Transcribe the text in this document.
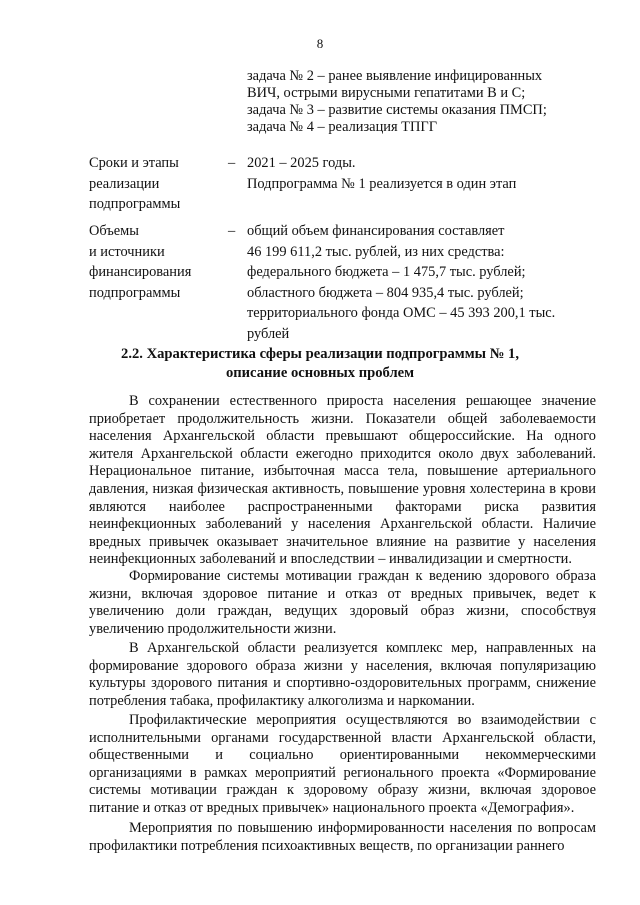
8
задача № 2 – ранее выявление инфицированных
ВИЧ, острыми вирусными гепатитами В и С;
задача № 3 – развитие системы оказания ПМСП;
задача № 4 – реализация ТПГГ
Сроки и этапы
реализации
подпрограммы
– 2021 – 2025 годы.
Подпрограмма № 1 реализуется в один этап
Объемы
и источники
финансирования
подпрограммы
– общий объем финансирования составляет
46 199 611,2 тыс. рублей, из них средства:
федерального бюджета – 1 475,7 тыс. рублей;
областного бюджета – 804 935,4 тыс. рублей;
территориального фонда ОМС – 45 393 200,1 тыс.
рублей
2.2. Характеристика сферы реализации подпрограммы № 1,
описание основных проблем
В сохранении естественного прироста населения решающее значение приобретает продолжительность жизни. Показатели общей заболеваемости населения Архангельской области превышают общероссийские. На одного жителя Архангельской области ежегодно приходится около двух заболеваний. Нерациональное питание, избыточная масса тела, повышение артериального давления, низкая физическая активность, повышение уровня холестерина в крови являются наиболее распространенными факторами риска развития неинфекционных заболеваний у населения Архангельской области. Наличие вредных привычек оказывает значительное влияние на развитие у населения неинфекционных заболеваний и впоследствии – инвалидизации и смертности.
Формирование системы мотивации граждан к ведению здорового образа жизни, включая здоровое питание и отказ от вредных привычек, ведет к увеличению доли граждан, ведущих здоровый образ жизни, способствуя увеличению продолжительности жизни.
В Архангельской области реализуется комплекс мер, направленных на формирование здорового образа жизни у населения, включая популяризацию культуры здорового питания и спортивно-оздоровительных программ, снижение потребления табака, профилактику алкоголизма и наркомании.
Профилактические мероприятия осуществляются во взаимодействии с исполнительными органами государственной власти Архангельской области, общественными и социально ориентированными некоммерческими организациями в рамках мероприятий регионального проекта «Формирование системы мотивации граждан к здоровому образу жизни, включая здоровое питание и отказ от вредных привычек» национального проекта «Демография».
Мероприятия по повышению информированности населения по вопросам профилактики потребления психоактивных веществ, по организации раннего
